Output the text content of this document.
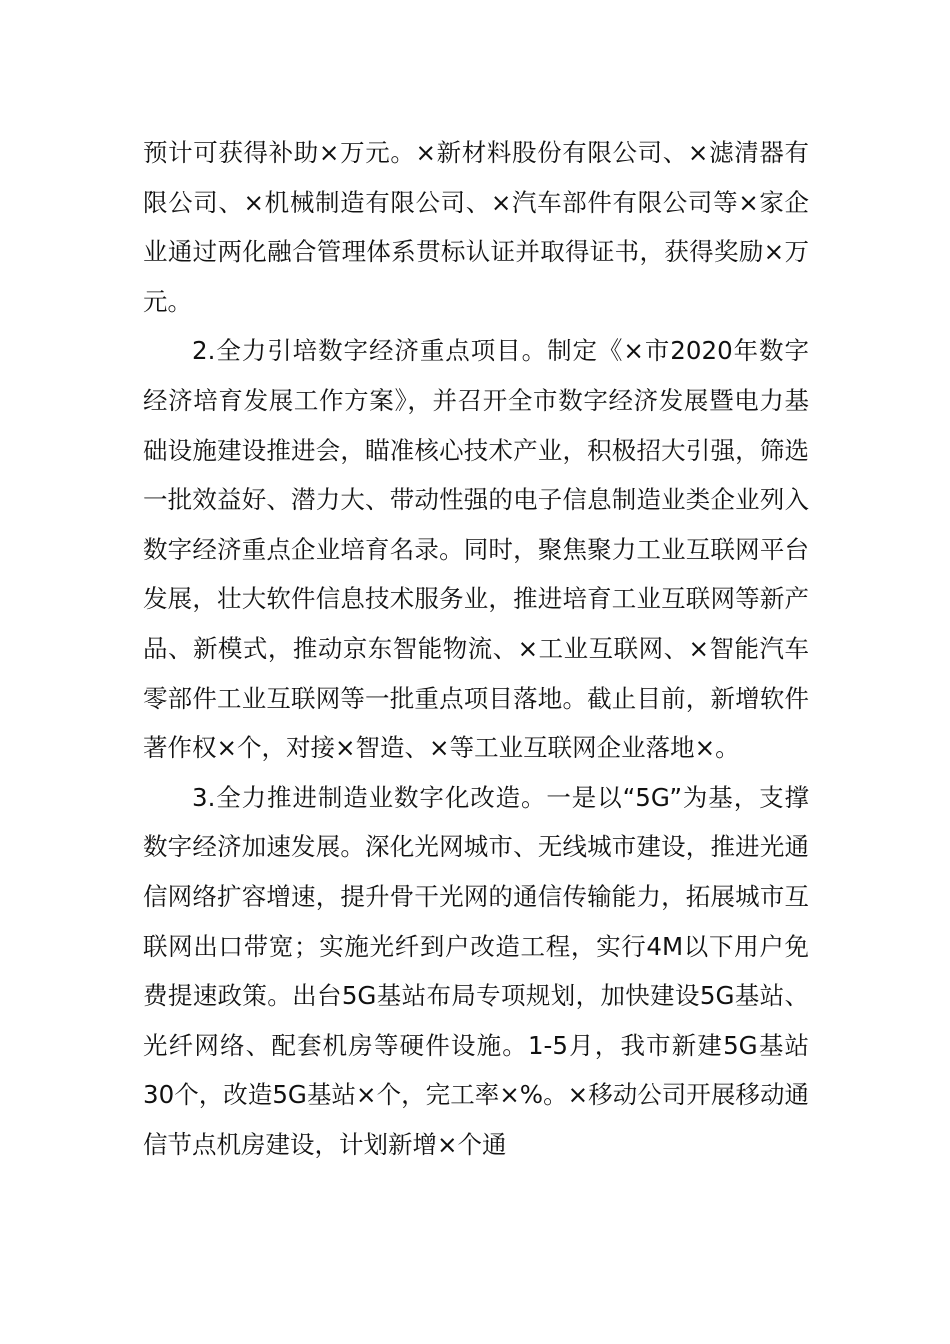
预计可获得补助×万元。×新材料股份有限公司、×滤清器有限公司、×机械制造有限公司、×汽车部件有限公司等×家企业通过两化融合管理体系贯标认证并取得证书，获得奖励×万元。

2.全力引培数字经济重点项目。制定《×市2020年数字经济培育发展工作方案》，并召开全市数字经济发展暨电力基础设施建设推进会，瞄准核心技术产业，积极招大引强，筛选一批效益好、潜力大、带动性强的电子信息制造业类企业列入数字经济重点企业培育名录。同时，聚焦聚力工业互联网平台发展，壮大软件信息技术服务业，推进培育工业互联网等新产品、新模式，推动京东智能物流、×工业互联网、×智能汽车零部件工业互联网等一批重点项目落地。截止目前，新增软件著作权×个，对接×智造、×等工业互联网企业落地×。

3.全力推进制造业数字化改造。一是以“5G”为基，支撑数字经济加速发展。深化光网城市、无线城市建设，推进光通信网络扩容增速，提升骨干光网的通信传输能力，拓展城市互联网出口带宽；实施光纤到户改造工程，实行4M以下用户免费提速政策。出台5G基站布局专项规划，加快建设5G基站、光纤网络、配套机房等硬件设施。1-5月，我市新建5G基站30个，改造5G基站×个，完工率×%。×移动公司开展移动通信节点机房建设，计划新增×个通
